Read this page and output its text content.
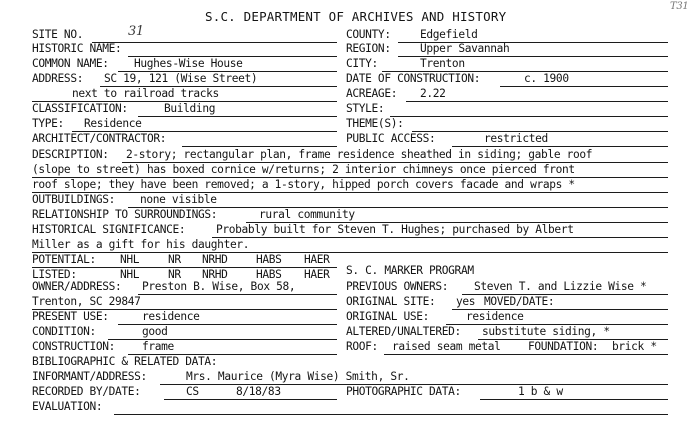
T31
S.C. DEPARTMENT OF ARCHIVES AND HISTORY
SITE NO.	31	COUNTY:	Edgefield
HISTORIC NAME:	REGION:	Upper Savannah
COMMON NAME: Hughes-Wise House	CITY:	Trenton
ADDRESS: SC 19, 121 (Wise Street)	DATE OF CONSTRUCTION:	c. 1900
next to railroad tracks	ACREAGE: 2.22
CLASSIFICATION:	Building	STYLE:
TYPE: Residence	THEME(S):
ARCHITECT/CONTRACTOR:	PUBLIC ACCESS:	restricted
DESCRIPTION: 2-story; rectangular plan, frame residence sheathed in siding; gable roof
(slope to street) has boxed cornice w/returns; 2 interior chimneys once pierced front
roof slope; they have been removed; a 1-story, hipped porch covers facade and wraps *
OUTBUILDINGS: none visible
RELATIONSHIP TO SURROUNDINGS:	rural community
HISTORICAL SIGNIFICANCE:	Probably built for Steven T. Hughes; purchased by Albert
Miller as a gift for his daughter.
POTENTIAL: NHL	NR NRHD	HABS HAER
LISTED:	NHL	NR NRHD	HABS HAER S. C. MARKER PROGRAM
OWNER/ADDRESS: Preston B. Wise, Box 58,	PREVIOUS OWNERS: Steven T. and Lizzie Wise *
Trenton, SC 29847	ORIGINAL SITE: yes MOVED/DATE:
PRESENT USE:	residence	ORIGINAL USE:	residence
CONDITION:	good	ALTERED/UNALTERED: substitute siding, *
CONSTRUCTION: frame	ROOF: raised seam metal FOUNDATION: brick *
BIBLIOGRAPHIC & RELATED DATA:
INFORMANT/ADDRESS:	Mrs. Maurice (Myra Wise) Smith, Sr.
RECORDED BY/DATE:	CS	8/18/83	PHOTOGRAPHIC DATA:	1 b & w
EVALUATION:
